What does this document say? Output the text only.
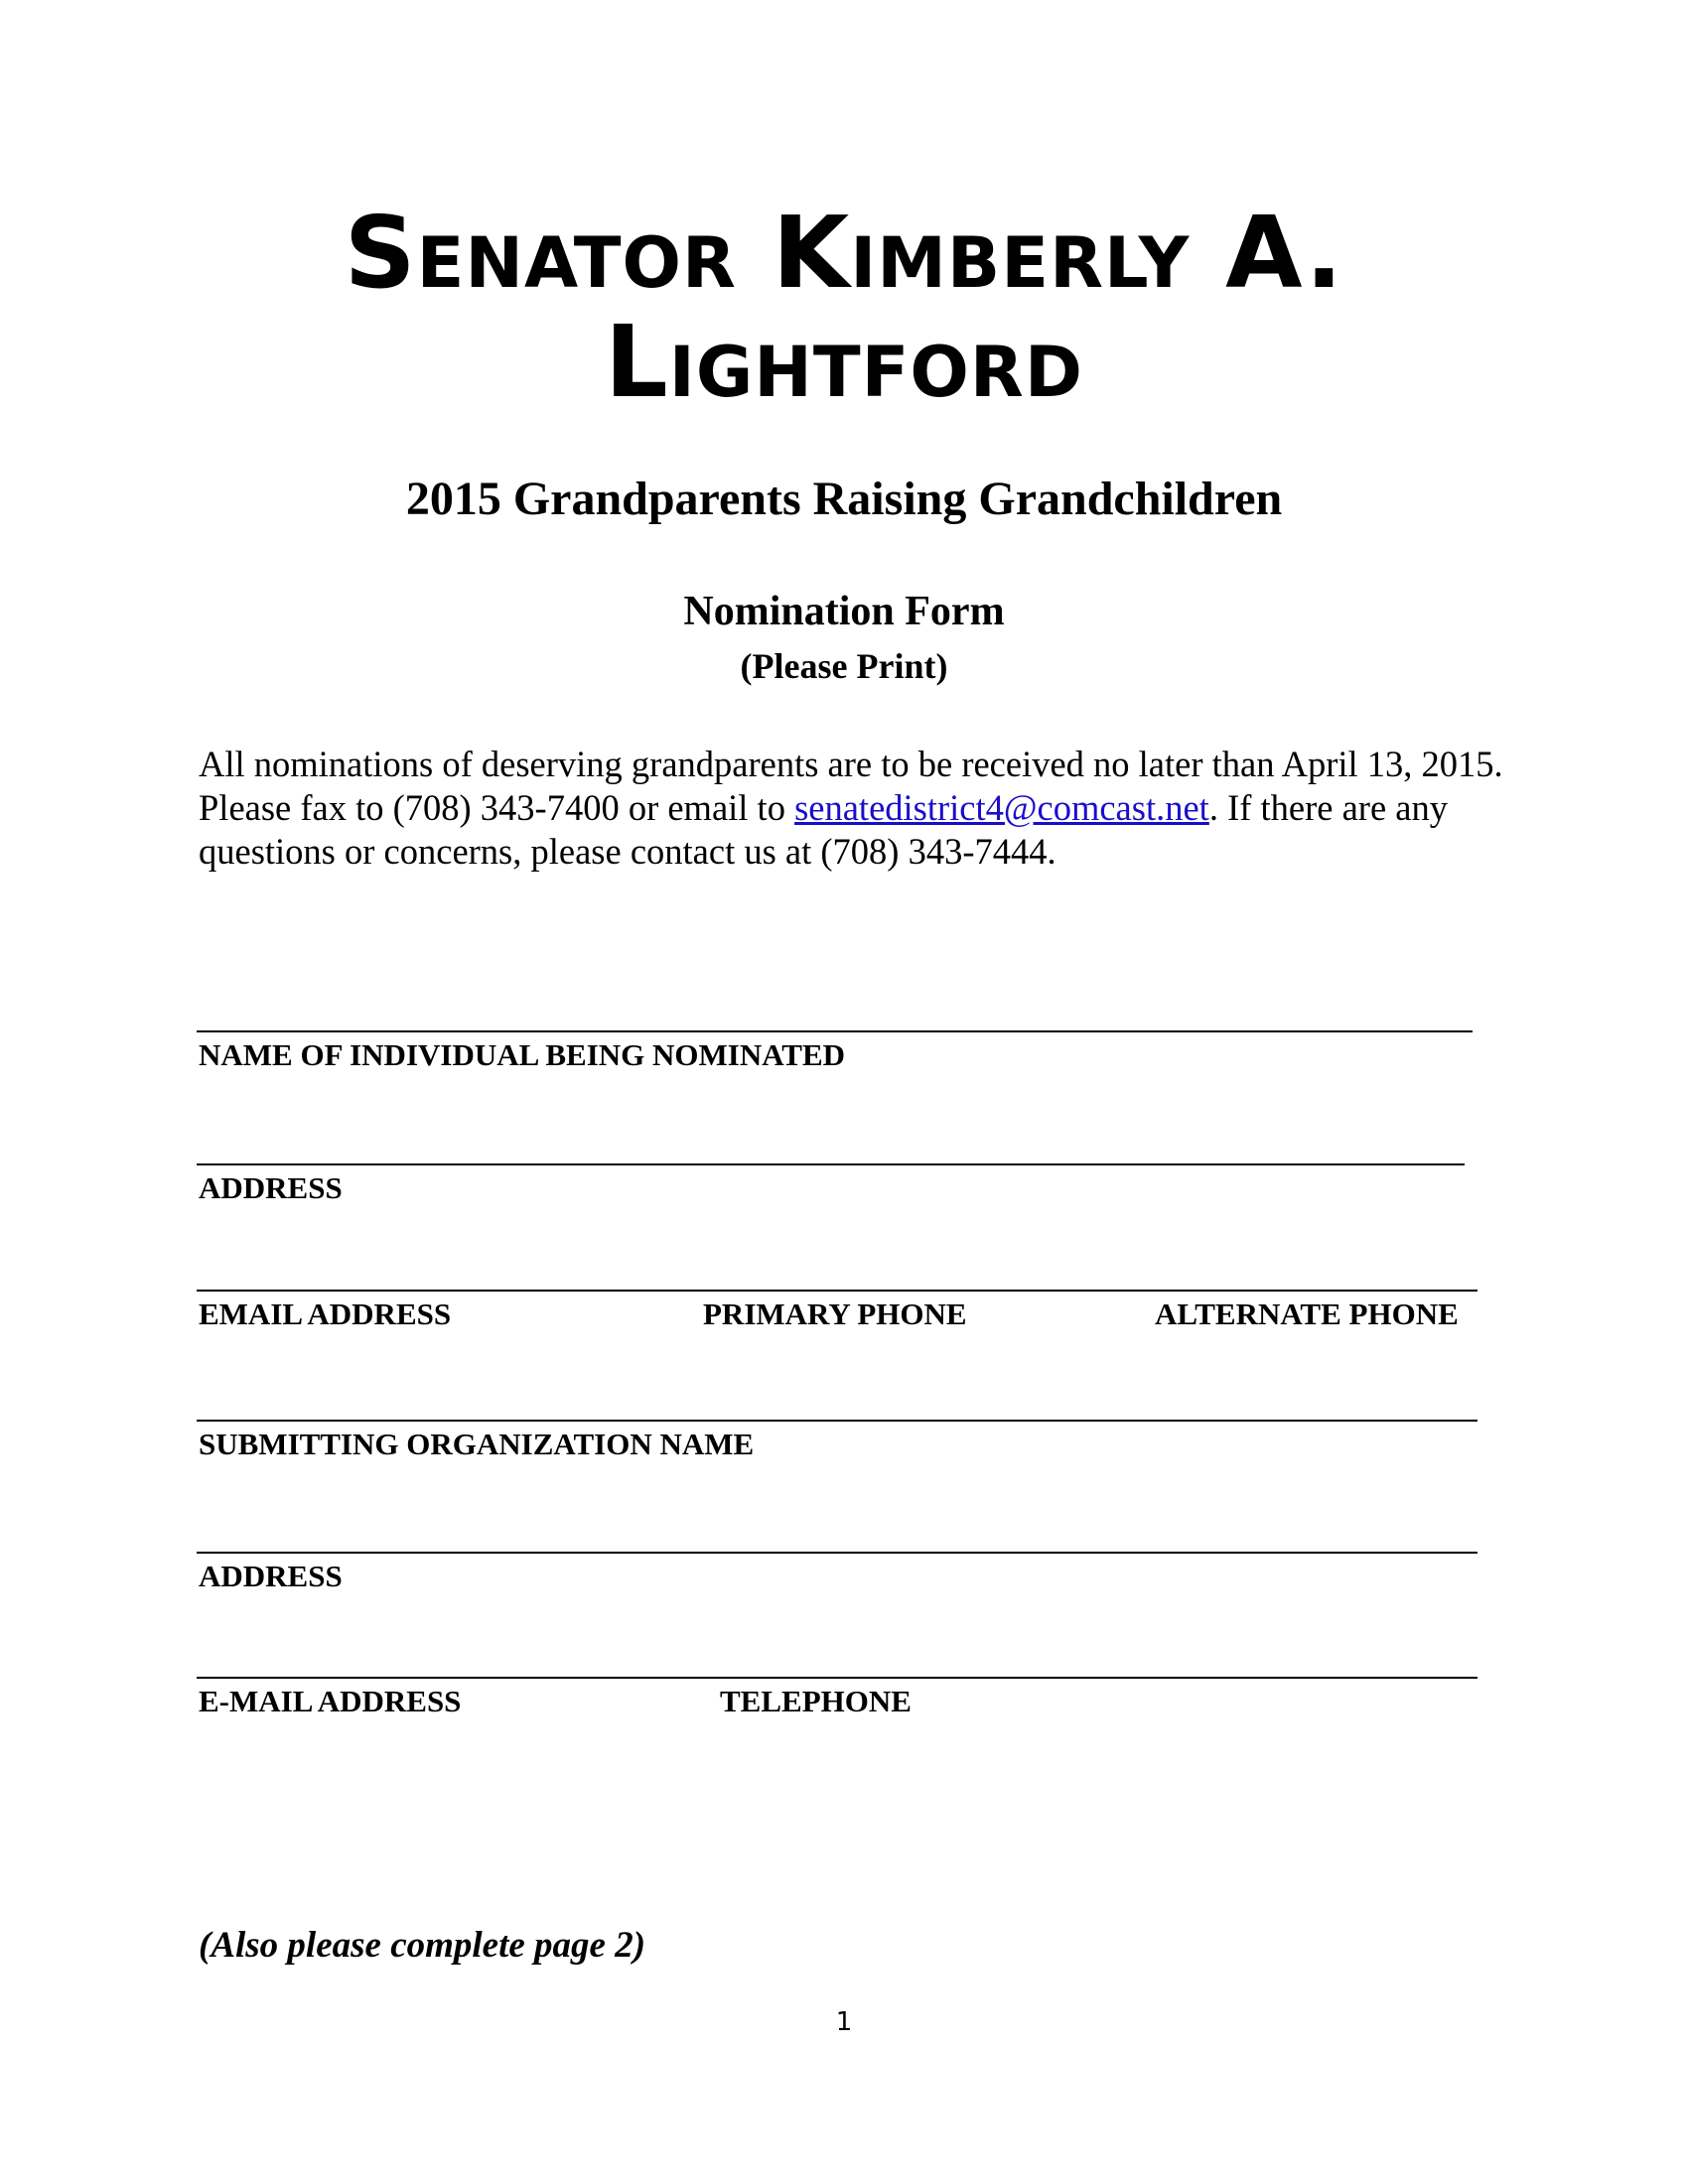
Senator Kimberly A.
Lightford
2015 Grandparents Raising Grandchildren
Nomination Form
(Please Print)
All nominations of deserving grandparents are to be received no later than April 13, 2015. Please fax to (708) 343-7400 or email to senatedistrict4@comcast.net. If there are any questions or concerns, please contact us at (708) 343-7444.
NAME OF INDIVIDUAL BEING NOMINATED
ADDRESS
EMAIL ADDRESS	PRIMARY PHONE	ALTERNATE PHONE
SUBMITTING ORGANIZATION NAME
ADDRESS
E-MAIL ADDRESS	TELEPHONE
(Also please complete page 2)
1
